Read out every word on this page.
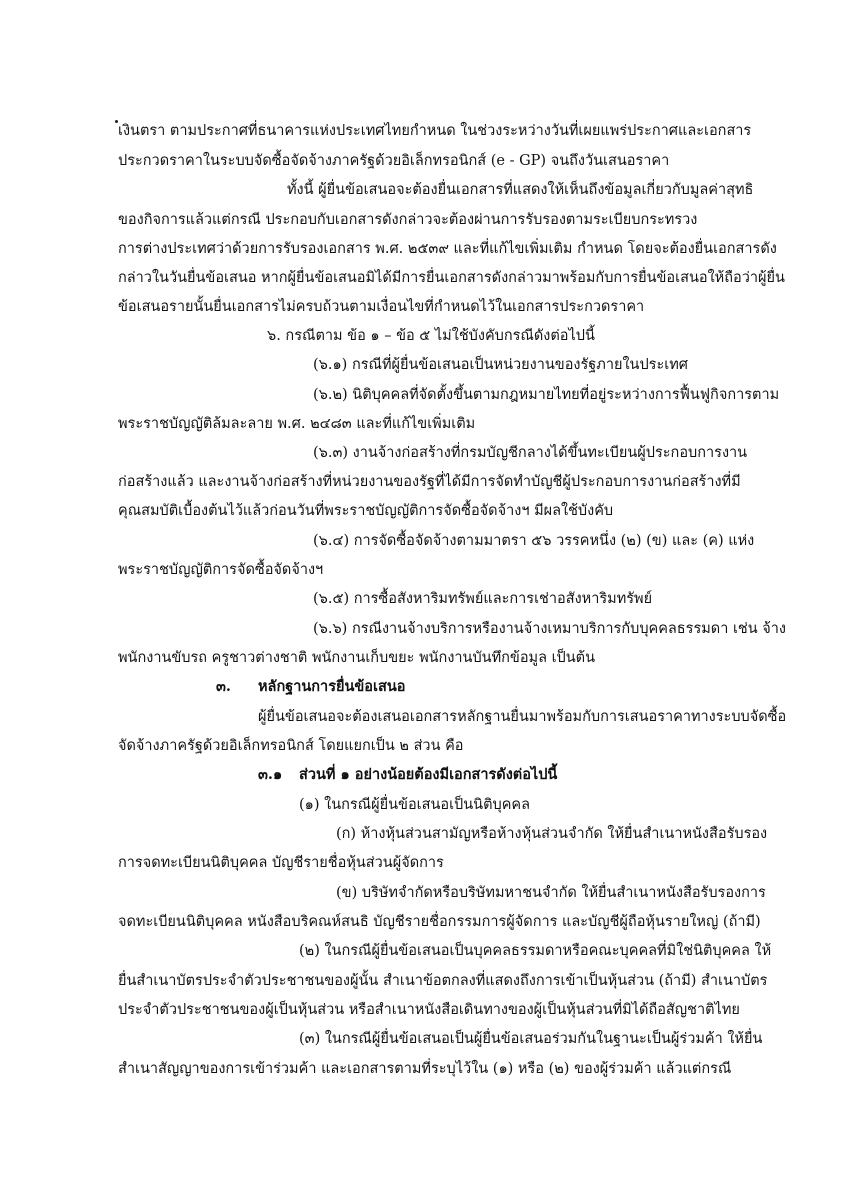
เงินตรา ตามประกาศที่ธนาคารแห่งประเทศไทยกำหนด ในช่วงระหว่างวันที่เผยแพร่ประกาศและเอกสาร
ประกวดราคาในระบบจัดซื้อจัดจ้างภาครัฐด้วยอิเล็กทรอนิกส์ (e - GP) จนถึงวันเสนอราคา
ทั้งนี้ ผู้ยื่นข้อเสนอจะต้องยื่นเอกสารที่แสดงให้เห็นถึงข้อมูลเกี่ยวกับมูลค่าสุทธิ
ของกิจการแล้วแต่กรณี ประกอบกับเอกสารดังกล่าวจะต้องผ่านการรับรองตามระเบียบกระทรวง
การต่างประเทศว่าด้วยการรับรองเอกสาร พ.ศ. ๒๕๓๙ และที่แก้ไขเพิ่มเติม กำหนด โดยจะต้องยื่นเอกสารดัง
กล่าวในวันยื่นข้อเสนอ หากผู้ยื่นข้อเสนอมิได้มีการยื่นเอกสารดังกล่าวมาพร้อมกับการยื่นข้อเสนอให้ถือว่าผู้ยื่น
ข้อเสนอรายนั้นยื่นเอกสารไม่ครบถ้วนตามเงื่อนไขที่กำหนดไว้ในเอกสารประกวดราคา
๖. กรณีตาม ข้อ ๑ – ข้อ ๕ ไม่ใช้บังคับกรณีดังต่อไปนี้
(๖.๑) กรณีที่ผู้ยื่นข้อเสนอเป็นหน่วยงานของรัฐภายในประเทศ
(๖.๒) นิติบุคคลที่จัดตั้งขึ้นตามกฎหมายไทยที่อยู่ระหว่างการฟื้นฟูกิจการตาม
พระราชบัญญัติล้มละลาย พ.ศ. ๒๔๘๓ และที่แก้ไขเพิ่มเติม
(๖.๓) งานจ้างก่อสร้างที่กรมบัญชีกลางได้ขึ้นทะเบียนผู้ประกอบการงาน
ก่อสร้างแล้ว และงานจ้างก่อสร้างที่หน่วยงานของรัฐที่ได้มีการจัดทำบัญชีผู้ประกอบการงานก่อสร้างที่มี
คุณสมบัติเบื้องต้นไว้แล้วก่อนวันที่พระราชบัญญัติการจัดซื้อจัดจ้างฯ มีผลใช้บังคับ
(๖.๔) การจัดซื้อจัดจ้างตามมาตรา ๕๖ วรรคหนึ่ง (๒) (ข) และ (ค) แห่ง
พระราชบัญญัติการจัดซื้อจัดจ้างฯ
(๖.๕) การซื้อสังหาริมทรัพย์และการเช่าอสังหาริมทรัพย์
(๖.๖) กรณีงานจ้างบริการหรืองานจ้างเหมาบริการกับบุคคลธรรมดา เช่น จ้าง
พนักงานขับรถ ครูชาวต่างชาติ พนักงานเก็บขยะ พนักงานบันทึกข้อมูล เป็นต้น
๓. หลักฐานการยื่นข้อเสนอ
ผู้ยื่นข้อเสนอจะต้องเสนอเอกสารหลักฐานยื่นมาพร้อมกับการเสนอราคาทางระบบจัดซื้อ
จัดจ้างภาครัฐด้วยอิเล็กทรอนิกส์ โดยแยกเป็น ๒ ส่วน คือ
๓.๑ ส่วนที่ ๑ อย่างน้อยต้องมีเอกสารดังต่อไปนี้
(๑) ในกรณีผู้ยื่นข้อเสนอเป็นนิติบุคคล
(ก) ห้างหุ้นส่วนสามัญหรือห้างหุ้นส่วนจำกัด ให้ยื่นสำเนาหนังสือรับรอง
การจดทะเบียนนิติบุคคล บัญชีรายชื่อหุ้นส่วนผู้จัดการ
(ข) บริษัทจำกัดหรือบริษัทมหาชนจำกัด ให้ยื่นสำเนาหนังสือรับรองการ
จดทะเบียนนิติบุคคล หนังสือบริคณห์สนธิ บัญชีรายชื่อกรรมการผู้จัดการ และบัญชีผู้ถือหุ้นรายใหญ่ (ถ้ามี)
(๒) ในกรณีผู้ยื่นข้อเสนอเป็นบุคคลธรรมดาหรือคณะบุคคลที่มิใช่นิติบุคคล ให้
ยื่นสำเนาบัตรประจำตัวประชาชนของผู้นั้น สำเนาข้อตกลงที่แสดงถึงการเข้าเป็นหุ้นส่วน (ถ้ามี) สำเนาบัตร
ประจำตัวประชาชนของผู้เป็นหุ้นส่วน หรือสำเนาหนังสือเดินทางของผู้เป็นหุ้นส่วนที่มิได้ถือสัญชาติไทย
(๓) ในกรณีผู้ยื่นข้อเสนอเป็นผู้ยื่นข้อเสนอร่วมกันในฐานะเป็นผู้ร่วมค้า ให้ยื่น
สำเนาสัญญาของการเข้าร่วมค้า และเอกสารตามที่ระบุไว้ใน (๑) หรือ (๒) ของผู้ร่วมค้า แล้วแต่กรณี
